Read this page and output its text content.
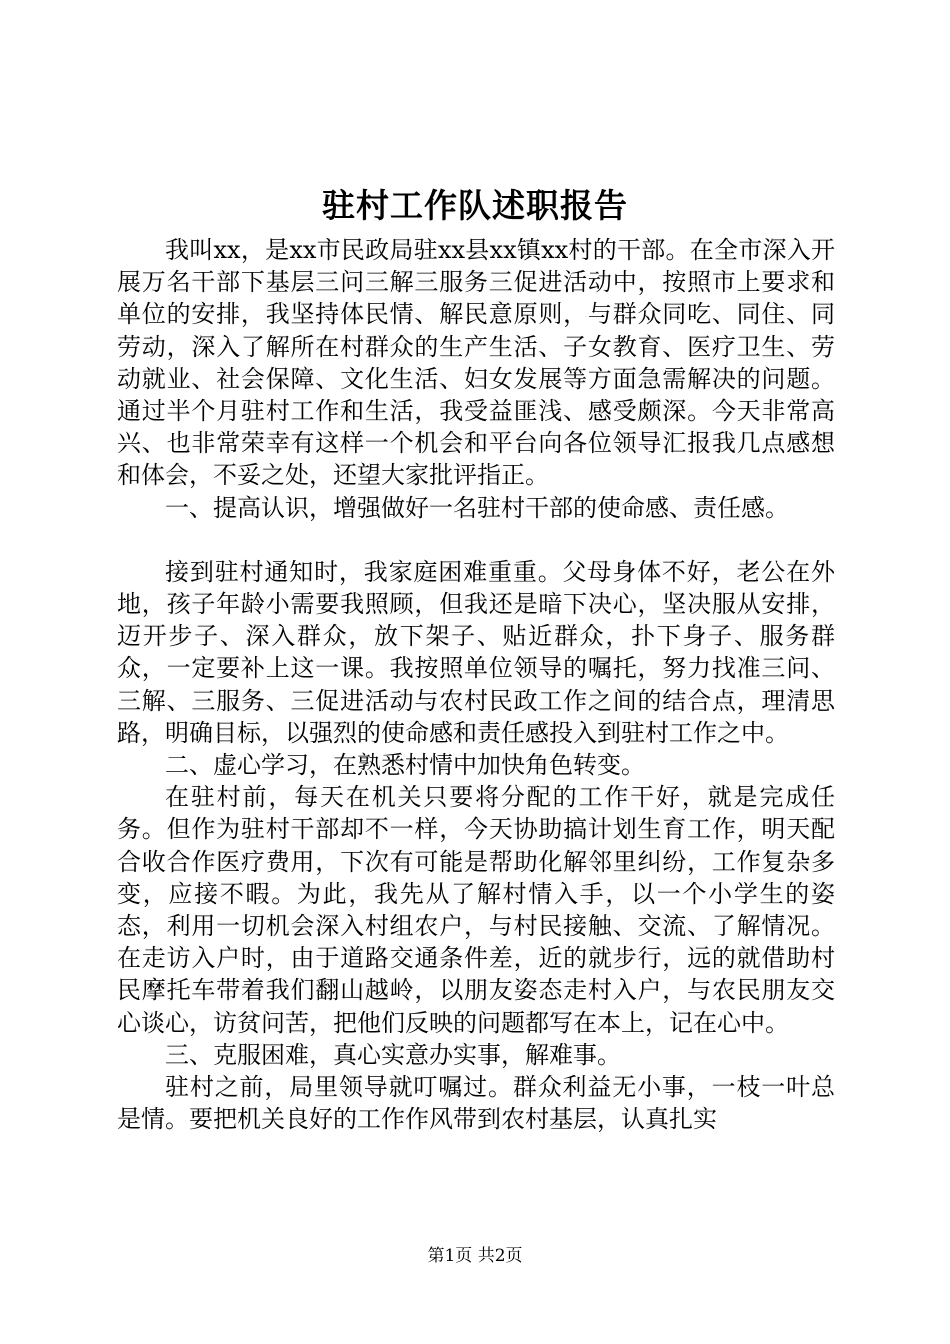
驻村工作队述职报告

我叫xx，是xx市民政局驻xx县xx镇xx村的干部。在全市深入开展万名干部下基层三问三解三服务三促进活动中，按照市上要求和单位的安排，我坚持体民情、解民意原则，与群众同吃、同住、同劳动，深入了解所在村群众的生产生活、子女教育、医疗卫生、劳动就业、社会保障、文化生活、妇女发展等方面急需解决的问题。通过半个月驻村工作和生活，我受益匪浅、感受颇深。今天非常高兴、也非常荣幸有这样一个机会和平台向各位领导汇报我几点感想和体会，不妥之处，还望大家批评指正。

一、提高认识，增强做好一名驻村干部的使命感、责任感。

接到驻村通知时，我家庭困难重重。父母身体不好，老公在外地，孩子年龄小需要我照顾，但我还是暗下决心，坚决服从安排，迈开步子、深入群众，放下架子、贴近群众，扑下身子、服务群众，一定要补上这一课。我按照单位领导的嘱托，努力找准三问、三解、三服务、三促进活动与农村民政工作之间的结合点，理清思路，明确目标，以强烈的使命感和责任感投入到驻村工作之中。

二、虚心学习，在熟悉村情中加快角色转变。

在驻村前，每天在机关只要将分配的工作干好，就是完成任务。但作为驻村干部却不一样，今天协助搞计划生育工作，明天配合收合作医疗费用，下次有可能是帮助化解邻里纠纷，工作复杂多变，应接不暇。为此，我先从了解村情入手，以一个小学生的姿态，利用一切机会深入村组农户，与村民接触、交流、了解情况。在走访入户时，由于道路交通条件差，近的就步行，远的就借助村民摩托车带着我们翻山越岭，以朋友姿态走村入户，与农民朋友交心谈心，访贫问苦，把他们反映的问题都写在本上，记在心中。

三、克服困难，真心实意办实事，解难事。

驻村之前，局里领导就叮嘱过。群众利益无小事，一枝一叶总是情。要把机关良好的工作作风带到农村基层，认真扎实

第1页 共2页
